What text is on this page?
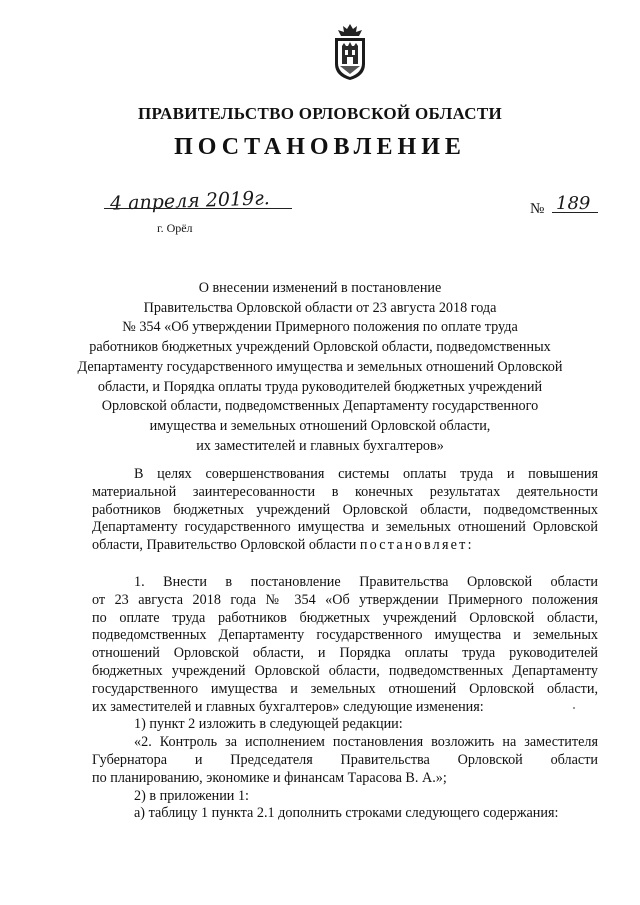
ПРАВИТЕЛЬСТВО ОРЛОВСКОЙ ОБЛАСТИ
ПОСТАНОВЛЕНИЕ
4 апреля 2019г.
г. Орёл
№ 189
О внесении изменений в постановление
Правительства Орловской области от 23 августа 2018 года
№ 354 «Об утверждении Примерного положения по оплате труда
работников бюджетных учреждений Орловской области, подведомственных
Департаменту государственного имущества и земельных отношений Орловской
области, и Порядка оплаты труда руководителей бюджетных учреждений
Орловской области, подведомственных Департаменту государственного
имущества и земельных отношений Орловской области,
их заместителей и главных бухгалтеров»
В целях совершенствования системы оплаты труда и повышения
материальной заинтересованности в конечных результатах деятельности
работников бюджетных учреждений Орловской области, подведомственных
Департаменту государственного имущества и земельных отношений Орловской
области, Правительство Орловской области постановляет:
1. Внести в постановление Правительства Орловской области
от 23 августа 2018 года № 354 «Об утверждении Примерного положения
по оплате труда работников бюджетных учреждений Орловской области,
подведомственных Департаменту государственного имущества и земельных
отношений Орловской области, и Порядка оплаты труда руководителей
бюджетных учреждений Орловской области, подведомственных Департаменту
государственного имущества и земельных отношений Орловской области,
их заместителей и главных бухгалтеров» следующие изменения:
1) пункт 2 изложить в следующей редакции:
«2. Контроль за исполнением постановления возложить на заместителя
Губернатора и Председателя Правительства Орловской области
по планированию, экономике и финансам Тарасова В. А.»;
2) в приложении 1:
а) таблицу 1 пункта 2.1 дополнить строками следующего содержания:
